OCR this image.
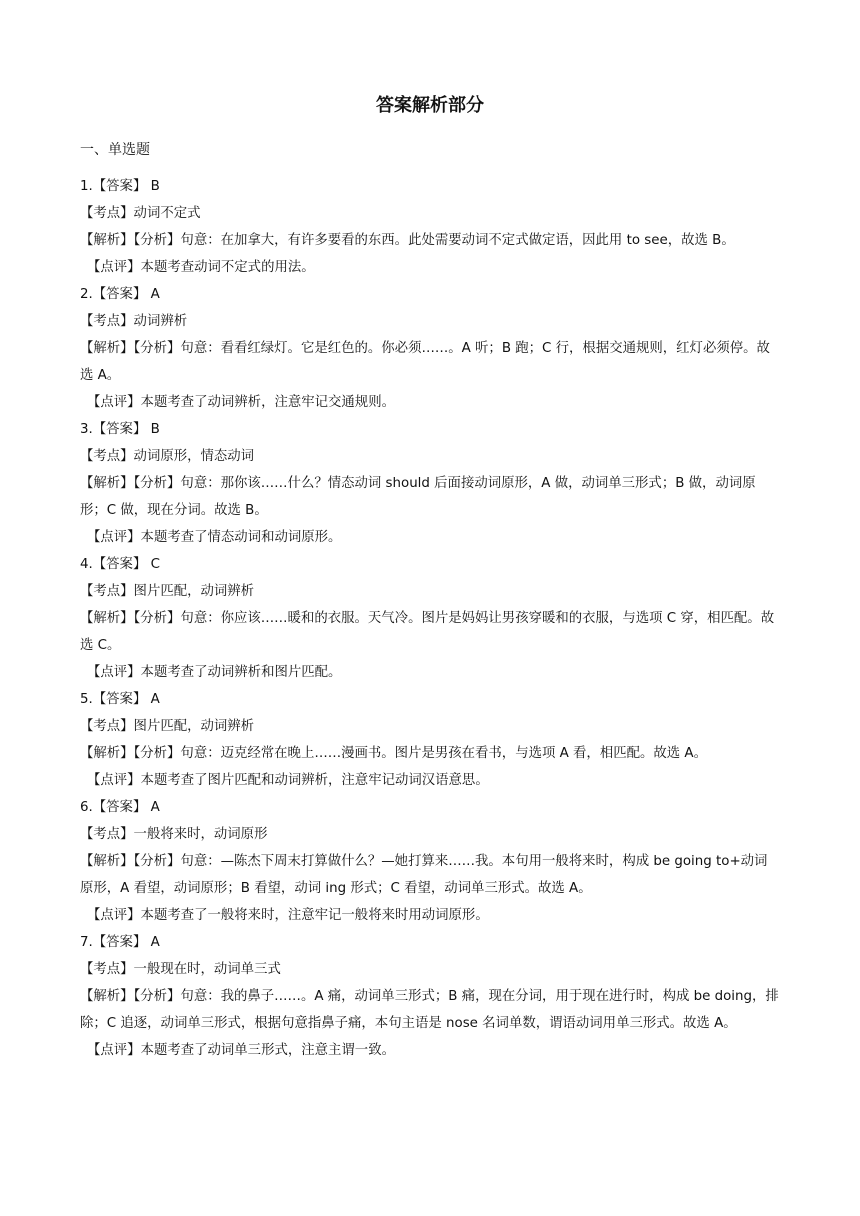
答案解析部分
一、单选题
1.【答案】 B
【考点】动词不定式
【解析】【分析】句意：在加拿大，有许多要看的东西。此处需要动词不定式做定语，因此用 to see，故选 B。
【点评】本题考查动词不定式的用法。
2.【答案】 A
【考点】动词辨析
【解析】【分析】句意：看看红绿灯。它是红色的。你必须……。A 听；B 跑；C 行，根据交通规则，红灯必须停。故选 A。
【点评】本题考查了动词辨析，注意牢记交通规则。
3.【答案】 B
【考点】动词原形，情态动词
【解析】【分析】句意：那你该……什么？情态动词 should 后面接动词原形，A 做，动词单三形式；B 做，动词原形；C 做，现在分词。故选 B。
【点评】本题考查了情态动词和动词原形。
4.【答案】 C
【考点】图片匹配，动词辨析
【解析】【分析】句意：你应该……暖和的衣服。天气冷。图片是妈妈让男孩穿暖和的衣服，与选项 C 穿，相匹配。故选 C。
【点评】本题考查了动词辨析和图片匹配。
5.【答案】 A
【考点】图片匹配，动词辨析
【解析】【分析】句意：迈克经常在晚上……漫画书。图片是男孩在看书，与选项 A 看，相匹配。故选 A。
【点评】本题考查了图片匹配和动词辨析，注意牢记动词汉语意思。
6.【答案】 A
【考点】一般将来时，动词原形
【解析】【分析】句意：—陈杰下周末打算做什么？—她打算来……我。本句用一般将来时，构成 be going to+动词原形，A 看望，动词原形；B 看望，动词 ing 形式；C 看望，动词单三形式。故选 A。
【点评】本题考查了一般将来时，注意牢记一般将来时用动词原形。
7.【答案】 A
【考点】一般现在时，动词单三式
【解析】【分析】句意：我的鼻子……。A 痛，动词单三形式；B 痛，现在分词，用于现在进行时，构成 be doing，排除；C 追逐，动词单三形式，根据句意指鼻子痛，本句主语是 nose 名词单数，谓语动词用单三形式。故选 A。
【点评】本题考查了动词单三形式，注意主谓一致。
